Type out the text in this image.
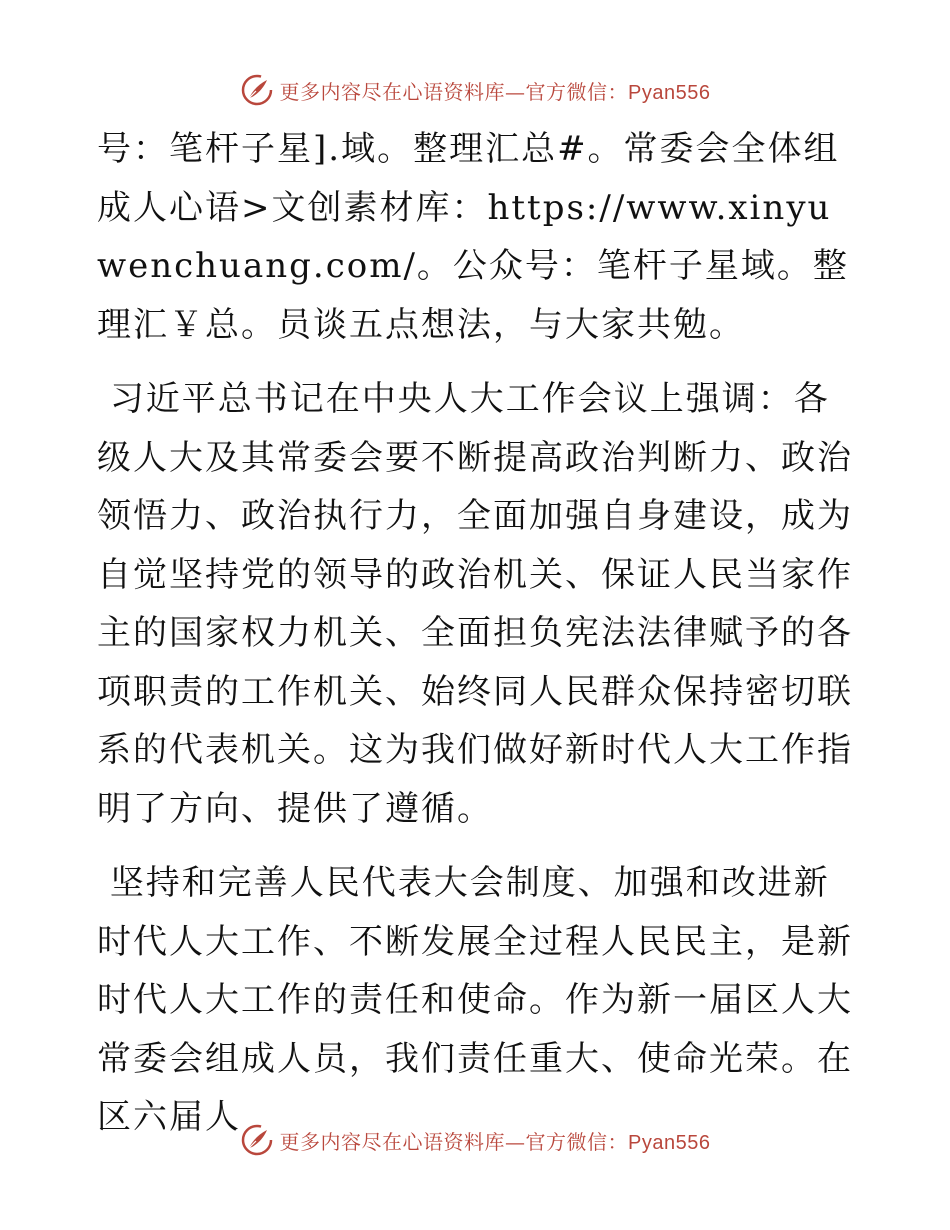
更多内容尽在心语资料库—官方微信：Pyan556

号：笔杆子星].域。整理汇总#。常委会全体组成人心语>文创素材库：https://www.xinyuwenchuang.com/。公众号：笔杆子星域。整理汇￥总。员谈五点想法，与大家共勉。

习近平总书记在中央人大工作会议上强调：各级人大及其常委会要不断提高政治判断力、政治领悟力、政治执行力，全面加强自身建设，成为自觉坚持党的领导的政治机关、保证人民当家作主的国家权力机关、全面担负宪法法律赋予的各项职责的工作机关、始终同人民群众保持密切联系的代表机关。这为我们做好新时代人大工作指明了方向、提供了遵循。

坚持和完善人民代表大会制度、加强和改进新时代人大工作、不断发展全过程人民民主，是新时代人大工作的责任和使命。作为新一届区人大常委会组成人员，我们责任重大、使命光荣。在区六届人

更多内容尽在心语资料库—官方微信：Pyan556
